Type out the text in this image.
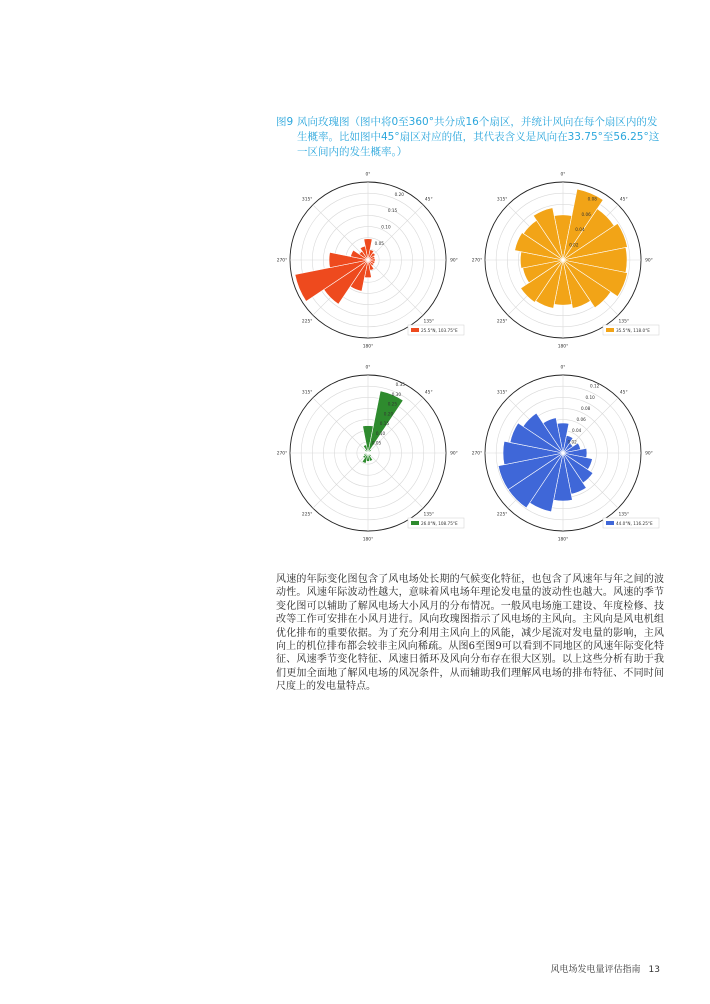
图9 风向玫瑰图（图中将0至360°共分成16个扇区，并统计风向在每个扇区内的发生概率。比如图中45°扇区对应的值，其代表含义是风向在33.75°至56.25°这一区间内的发生概率。）
0.05
0.10
0.15
0.20
0°
45°
90°
135°
180°
225°
270°
315°
25.5°N, 103.75°E
0.02
0.04
0.06
0.08
0°
45°
90°
135°
180°
225°
270°
315°
35.5°N, 118.0°E
0.05
0.10
0.15
0.20
0.25
0.30
0.35
0°
45°
90°
135°
180°
225°
270°
315°
26.0°N, 108.75°E
0.02
0.04
0.06
0.08
0.10
0.12
0°
45°
90°
135°
180°
225°
270°
315°
44.0°N, 116.25°E
风速的年际变化图包含了风电场处长期的气候变化特征，也包含了风速年与年之间的波动性。风速年际波动性越大，意味着风电场年理论发电量的波动性也越大。风速的季节变化图可以辅助了解风电场大小风月的分布情况。一般风电场施工建设、年度检修、技改等工作可安排在小风月进行。风向玫瑰图指示了风电场的主风向。主风向是风电机组优化排布的重要依据。为了充分利用主风向上的风能，减少尾流对发电量的影响，主风向上的机位排布都会较非主风向稀疏。从图6至图9可以看到不同地区的风速年际变化特征、风速季节变化特征、风速日循环及风向分布存在很大区别。以上这些分析有助于我们更加全面地了解风电场的风况条件，从而辅助我们理解风电场的排布特征、不同时间尺度上的发电量特点。
风电场发电量评估指南 13
